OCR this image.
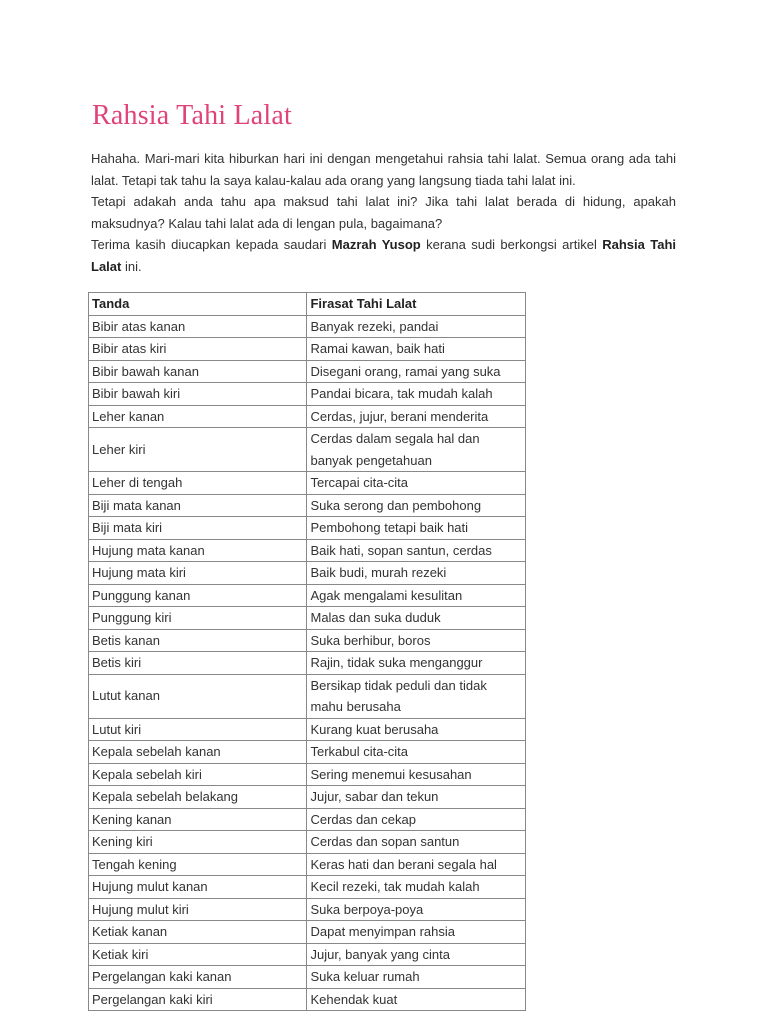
Rahsia Tahi Lalat

Hahaha. Mari-mari kita hiburkan hari ini dengan mengetahui rahsia tahi lalat. Semua orang ada tahi lalat. Tetapi tak tahu la saya kalau-kalau ada orang yang langsung tiada tahi lalat ini.

Tetapi adakah anda tahu apa maksud tahi lalat ini? Jika tahi lalat berada di hidung, apakah maksudnya? Kalau tahi lalat ada di lengan pula, bagaimana?

Terima kasih diucapkan kepada saudari Mazrah Yusop kerana sudi berkongsi artikel Rahsia Tahi Lalat ini.

Tanda	Firasat Tahi Lalat
Bibir atas kanan	Banyak rezeki, pandai
Bibir atas kiri	Ramai kawan, baik hati
Bibir bawah kanan	Disegani orang, ramai yang suka
Bibir bawah kiri	Pandai bicara, tak mudah kalah
Leher kanan	Cerdas, jujur, berani menderita
Leher kiri	Cerdas dalam segala hal dan banyak pengetahuan
Leher di tengah	Tercapai cita-cita
Biji mata kanan	Suka serong dan pembohong
Biji mata kiri	Pembohong tetapi baik hati
Hujung mata kanan	Baik hati, sopan santun, cerdas
Hujung mata kiri	Baik budi, murah rezeki
Punggung kanan	Agak mengalami kesulitan
Punggung kiri	Malas dan suka duduk
Betis kanan	Suka berhibur, boros
Betis kiri	Rajin, tidak suka menganggur
Lutut kanan	Bersikap tidak peduli dan tidak mahu berusaha
Lutut kiri	Kurang kuat berusaha
Kepala sebelah kanan	Terkabul cita-cita
Kepala sebelah kiri	Sering menemui kesusahan
Kepala sebelah belakang	Jujur, sabar dan tekun
Kening kanan	Cerdas dan cekap
Kening kiri	Cerdas dan sopan santun
Tengah kening	Keras hati dan berani segala hal
Hujung mulut kanan	Kecil rezeki, tak mudah kalah
Hujung mulut kiri	Suka berpoya-poya
Ketiak kanan	Dapat menyimpan rahsia
Ketiak kiri	Jujur, banyak yang cinta
Pergelangan kaki kanan	Suka keluar rumah
Pergelangan kaki kiri	Kehendak kuat
